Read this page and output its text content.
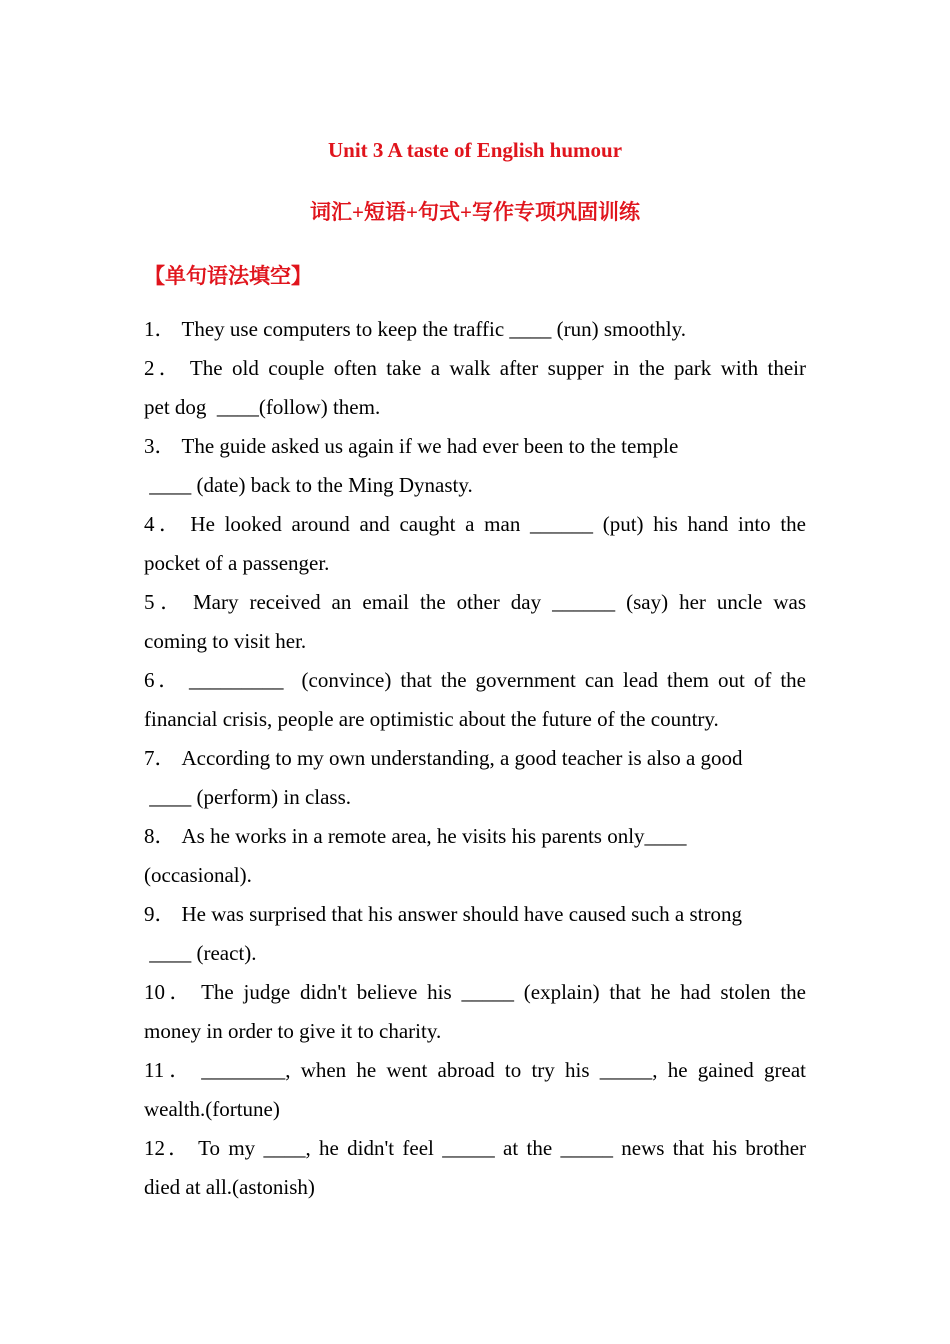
Unit 3 A taste of English humour
词汇+短语+句式+写作专项巩固训练
【单句语法填空】

1． They use computers to keep the traffic ____ (run) smoothly.

2． The old couple often take a walk after supper in the park with their

pet dog  ____(follow) them.

3． The guide asked us again if we had ever been to the temple

____ (date) back to the Ming Dynasty.

4． He looked around and caught a man ______ (put) his hand into the

pocket of a passenger.

5． Mary received an email the other day ______ (say) her uncle was

coming to visit her.

6． _________  (convince) that the government can lead them out of the

financial crisis, people are optimistic about the future of the country.

7． According to my own understanding, a good teacher is also a good

____ (perform) in class.

8． As he works in a remote area, he visits his parents only____

(occasional).

9． He was surprised that his answer should have caused such a strong

____ (react).

10． The judge didn't believe his _____ (explain) that he had stolen the

money in order to give it to charity.

11． ________, when he went abroad to try his _____, he gained great

wealth.(fortune)

12． To my ____, he didn't feel _____ at the _____ news that his brother

died at all.(astonish)
